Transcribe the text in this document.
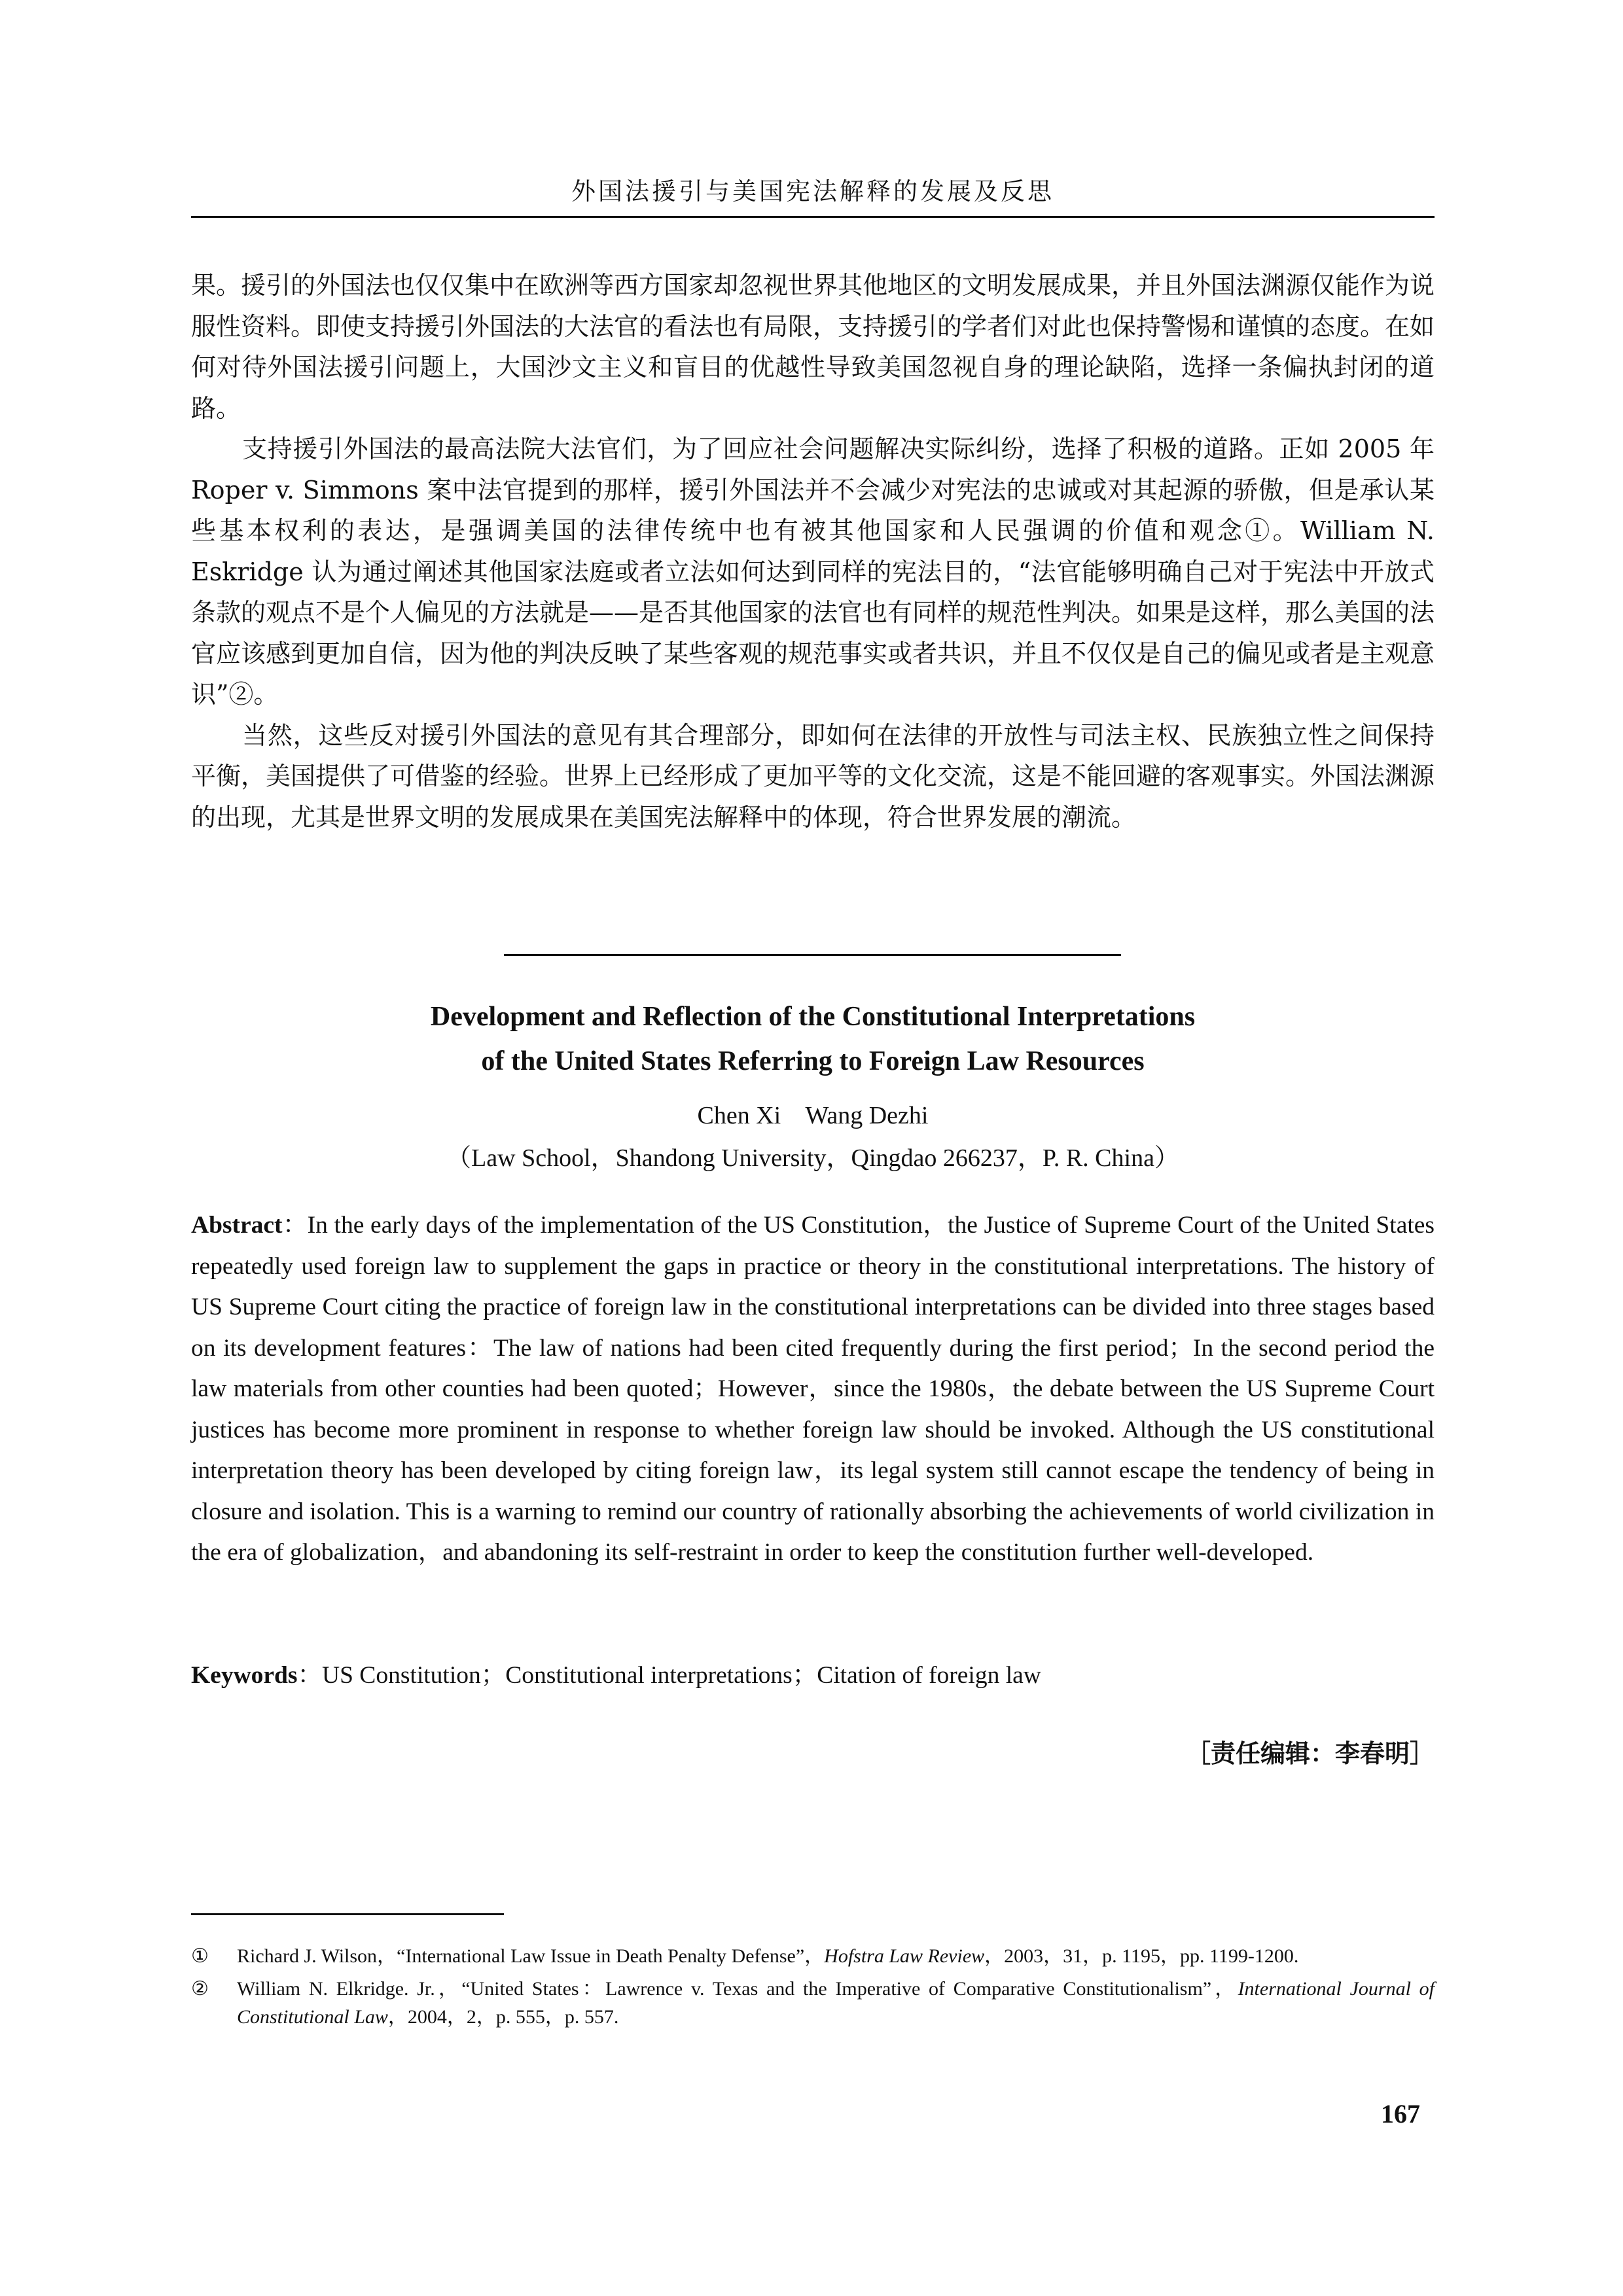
外国法援引与美国宪法解释的发展及反思

果。援引的外国法也仅仅集中在欧洲等西方国家却忽视世界其他地区的文明发展成果，并且外国法渊源仅能作为说服性资料。即使支持援引外国法的大法官的看法也有局限，支持援引的学者们对此也保持警惕和谨慎的态度。在如何对待外国法援引问题上，大国沙文主义和盲目的优越性导致美国忽视自身的理论缺陷，选择一条偏执封闭的道路。

支持援引外国法的最高法院大法官们，为了回应社会问题解决实际纠纷，选择了积极的道路。正如 2005 年 Roper v. Simmons 案中法官提到的那样，援引外国法并不会减少对宪法的忠诚或对其起源的骄傲，但是承认某些基本权利的表达，是强调美国的法律传统中也有被其他国家和人民强调的价值和观念①。William N. Eskridge 认为通过阐述其他国家法庭或者立法如何达到同样的宪法目的，“法官能够明确自己对于宪法中开放式条款的观点不是个人偏见的方法就是——是否其他国家的法官也有同样的规范性判决。如果是这样，那么美国的法官应该感到更加自信，因为他的判决反映了某些客观的规范事实或者共识，并且不仅仅是自己的偏见或者是主观意识”②。

当然，这些反对援引外国法的意见有其合理部分，即如何在法律的开放性与司法主权、民族独立性之间保持平衡，美国提供了可借鉴的经验。世界上已经形成了更加平等的文化交流，这是不能回避的客观事实。外国法渊源的出现，尤其是世界文明的发展成果在美国宪法解释中的体现，符合世界发展的潮流。

Development and Reflection of the Constitutional Interpretations
of the United States Referring to Foreign Law Resources
Chen Xi    Wang Dezhi
（Law School，Shandong University，Qingdao 266237，P. R. China）

Abstract：In the early days of the implementation of the US Constitution，the Justice of Supreme Court of the United States repeatedly used foreign law to supplement the gaps in practice or theory in the constitutional interpretations. The history of US Supreme Court citing the practice of foreign law in the constitutional interpretations can be divided into three stages based on its development features：The law of nations had been cited frequently during the first period；In the second period the law materials from other counties had been quoted；However，since the 1980s，the debate between the US Supreme Court justices has become more prominent in response to whether foreign law should be invoked. Although the US constitutional interpretation theory has been developed by citing foreign law，its legal system still cannot escape the tendency of being in closure and isolation. This is a warning to remind our country of rationally absorbing the achievements of world civilization in the era of globalization，and abandoning its self-restraint in order to keep the constitution further well-developed.

Keywords：US Constitution；Constitutional interpretations；Citation of foreign law

［责任编辑：李春明］
① Richard J. Wilson，“International Law Issue in Death Penalty Defense”，Hofstra Law Review，2003，31，p. 1195，pp. 1199-1200.
② William N. Elkridge. Jr.，“United States：Lawrence v. Texas and the Imperative of Comparative Constitutionalism”，International Journal of Constitutional Law，2004，2，p. 555，p. 557.
167
